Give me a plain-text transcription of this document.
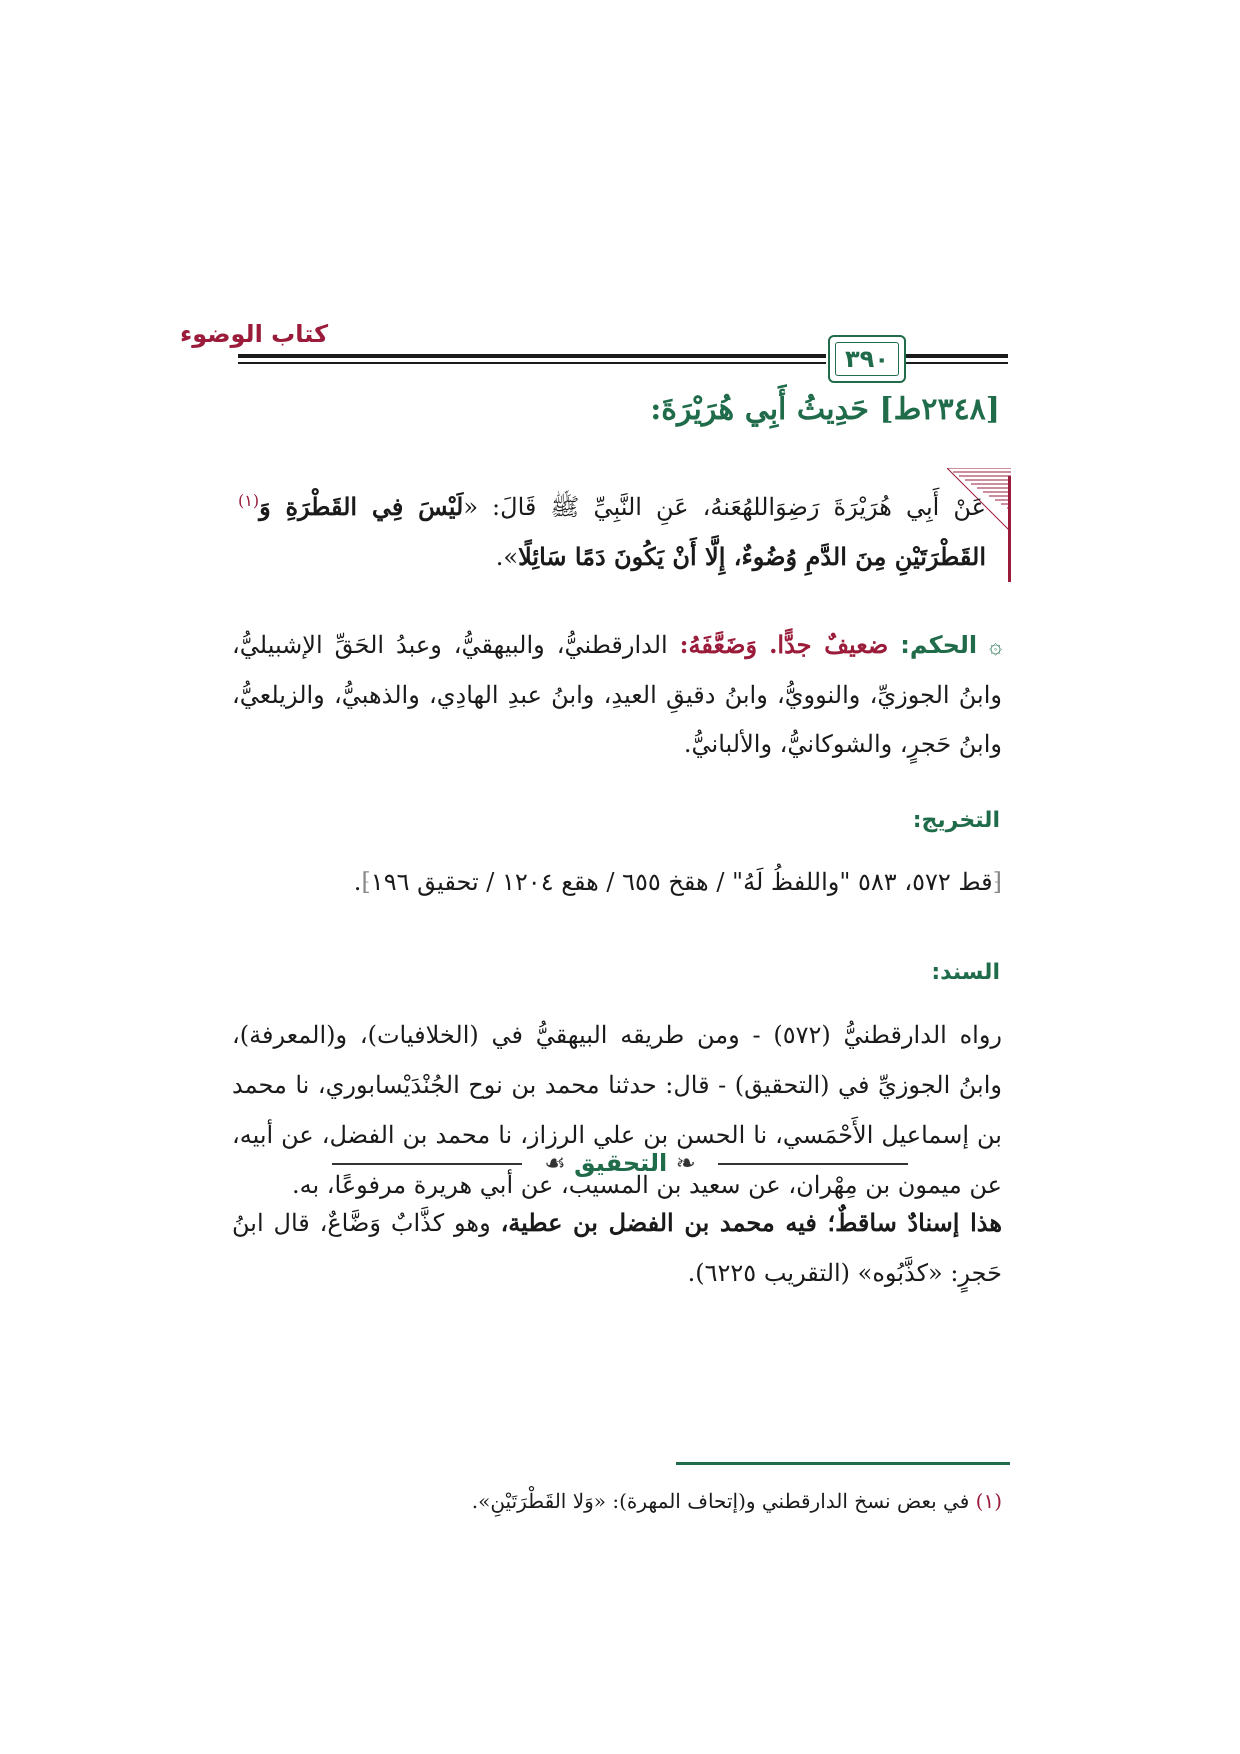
كتاب الوضوء
٣٩٠
[٢٣٤٨ط] حَدِيثُ أَبِي هُرَيْرَةَ:
عَنْ أَبِي هُرَيْرَةَ رَضِوَاللهُعَنهُ، عَنِ النَّبِيِّ ﷺ قَالَ: «لَيْسَ فِي القَطْرَةِ وَ$^{(١)}$ القَطْرَتَيْنِ مِنَ الدَّمِ وُضُوءٌ، إِلَّا أَنْ يَكُونَ دَمًا سَائِلًا».
۞ الحكم: ضعيفٌ جدًّا. وَضَعَّفَهُ: الدارقطنيُّ، والبيهقيُّ، وعبدُ الحَقِّ الإشبيليُّ، وابنُ الجوزيِّ، والنوويُّ، وابنُ دقيقِ العيدِ، وابنُ عبدِ الهادِي، والذهبيُّ، والزيلعيُّ، وابنُ حَجرٍ، والشوكانيُّ، والألبانيُّ.
التخريج:
⁅قط ٥٧٢، ٥٨٣ "واللفظُ لَهُ" / هقخ ٦٥٥ / هقع ١٢٠٤ / تحقيق ١٩٦⁆.
السند:
رواه الدارقطنيُّ (٥٧٢) - ومن طريقه البيهقيُّ في (الخلافيات)، و(المعرفة)، وابنُ الجوزيِّ في (التحقيق) - قال: حدثنا محمد بن نوح الجُنْدَيْسابوري، نا محمد بن إسماعيل الأَحْمَسي، نا الحسن بن علي الرزاز، نا محمد بن الفضل، عن أبيه، عن ميمون بن مِهْران، عن سعيد بن المسيب، عن أبي هريرة مرفوعًا، به.
❧ التحقيق ☙
هذا إسنادٌ ساقطٌ؛ فيه محمد بن الفضل بن عطية، وهو كذَّابٌ وَضَّاعٌ، قال ابنُ حَجرٍ: «كذَّبُوه» (التقريب ٦٢٢٥).
(١) في بعض نسخ الدارقطني و(إتحاف المهرة): «وَلا القَطْرَتَيْنِ».
